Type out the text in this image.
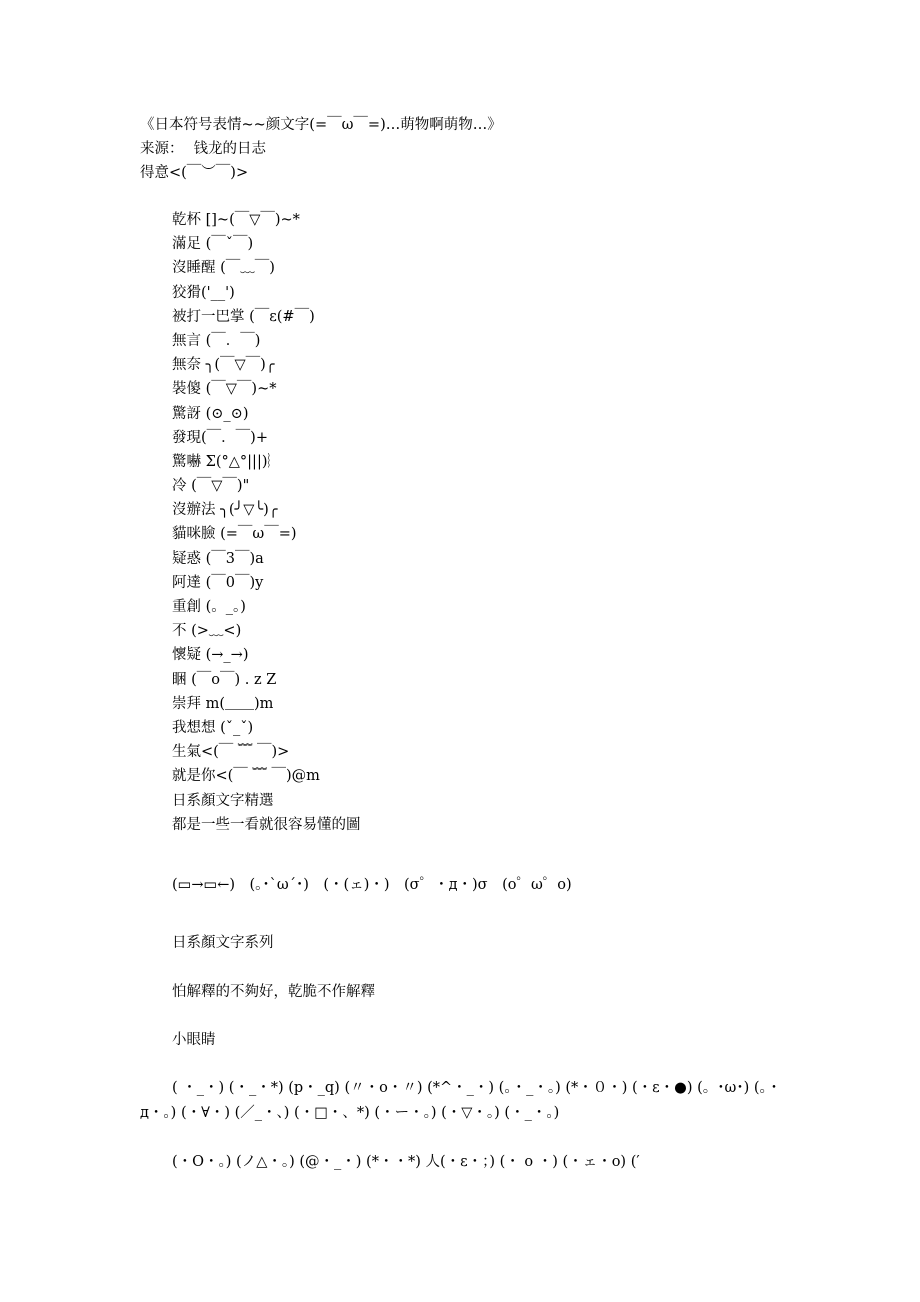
《日本符号表情~~颜文字(=￣ω￣=)…萌物啊萌物…》
来源： 钱龙的日志
得意<(￣︶￣)>
乾杯 []~(￣▽￣)~*
滿足 (￣ˇ￣)
沒睡醒 (￣﹏￣)
狡猾('__')
被打一巴掌 (￣ε(#￣)
無言 (￣．￣)
無奈 ╮(￣▽￣)╭
裝傻 (￣▽￣)~*
驚訝 (⊙_⊙)
發現(￣．￣)+
驚嚇 Σ(°△°|||)︴
冷 (￣▽￣)"
沒辦法 ╮(╯▽╰)╭
貓咪臉 (=￣ω￣=)
疑惑 (￣3￣)a
阿達 (￣0￣)y
重創 (。_。)
不 (>﹏<)
懷疑 (→_→)
睏 (￣o￣) . z Z
崇拜 m(＿＿)m
我想想 (ˇ_ˇ)
生氣<(￣ ﹌ ￣)>
就是你<(￣ ﹌ ￣)@m
日系顏文字精選
都是一些一看就很容易懂的圖
(▭→▭←)　(｡･`ω´･)　(・(ェ)・)　(σ゜・д・)σ　(o゜ω゜o)
日系顏文字系列
怕解釋的不夠好，乾脆不作解釋
小眼睛
( ・_・) (・_・*) (p・_q) (〃・o・〃) (*^・_・) (。・_・。) (*・０・) (・ε・●) (。･ω･) (。・д・。) (・∀・) (／_・、) (・□・、*) (・ー・。) (・▽・。) (・_・。)
(・O・。) (ノ△・。) (@・_・) (*・・*) 人(・ε・；) (・ o ・) (・ェ・o) (′
